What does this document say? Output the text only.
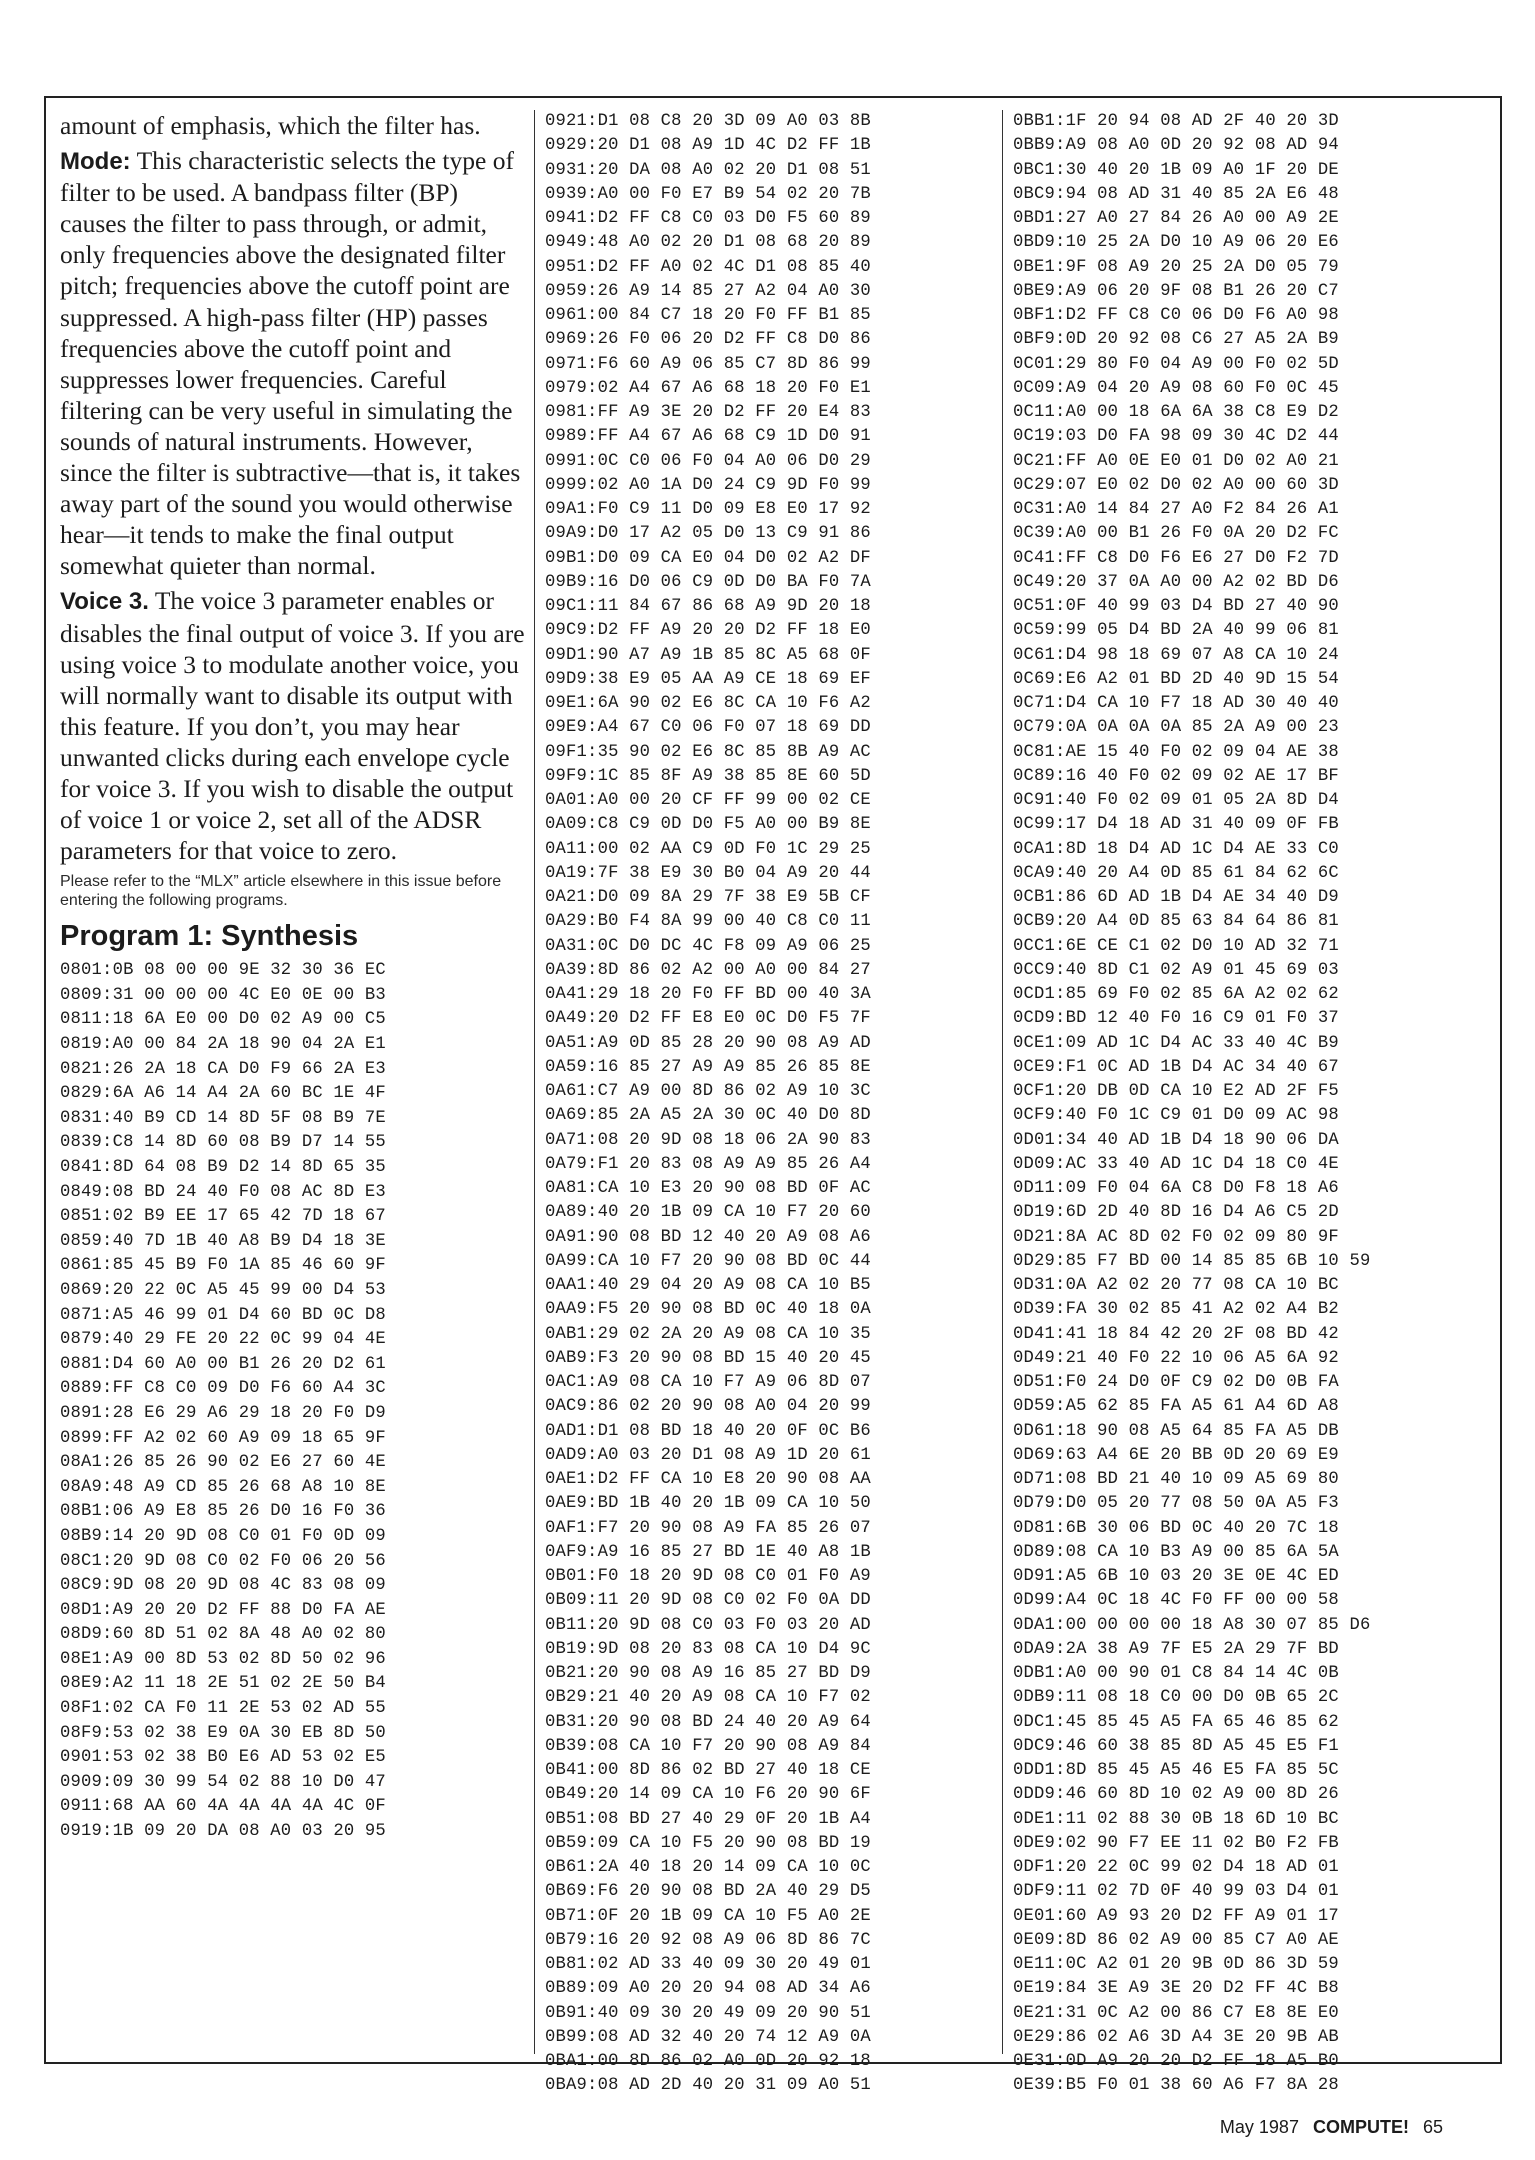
amount of emphasis, which the filter has.

Mode: This characteristic selects the type of filter to be used. A bandpass filter (BP) causes the filter to pass through, or admit, only frequencies above the designated filter pitch; frequencies above the cutoff point are suppressed. A high-pass filter (HP) passes frequencies above the cutoff point and suppresses lower frequencies. Careful filtering can be very useful in simulating the sounds of natural instruments. However, since the filter is subtractive—that is, it takes away part of the sound you would otherwise hear—it tends to make the final output somewhat quieter than normal.

Voice 3. The voice 3 parameter enables or disables the final output of voice 3. If you are using voice 3 to modulate another voice, you will normally want to disable its output with this feature. If you don’t, you may hear unwanted clicks during each envelope cycle for voice 3. If you wish to disable the output of voice 1 or voice 2, set all of the ADSR parameters for that voice to zero.

Please refer to the “MLX” article elsewhere in this issue before entering the following programs.

Program 1: Synthesis
0801:0B 08 00 00 9E 32 30 36 EC
0809:31 00 00 00 4C E0 0E 00 B3
0811:18 6A E0 00 D0 02 A9 00 C5
0819:A0 00 84 2A 18 90 04 2A E1
0821:26 2A 18 CA D0 F9 66 2A E3
0829:6A A6 14 A4 2A 60 BC 1E 4F
0831:40 B9 CD 14 8D 5F 08 B9 7E
0839:C8 14 8D 60 08 B9 D7 14 55
0841:8D 64 08 B9 D2 14 8D 65 35
0849:08 BD 24 40 F0 08 AC 8D E3
0851:02 B9 EE 17 65 42 7D 18 67
0859:40 7D 1B 40 A8 B9 D4 18 3E
0861:85 45 B9 F0 1A 85 46 60 9F
0869:20 22 0C A5 45 99 00 D4 53
0871:A5 46 99 01 D4 60 BD 0C D8
0879:40 29 FE 20 22 0C 99 04 4E
0881:D4 60 A0 00 B1 26 20 D2 61
0889:FF C8 C0 09 D0 F6 60 A4 3C
0891:28 E6 29 A6 29 18 20 F0 D9
0899:FF A2 02 60 A9 09 18 65 9F
08A1:26 85 26 90 02 E6 27 60 4E
08A9:48 A9 CD 85 26 68 A8 10 8E
08B1:06 A9 E8 85 26 D0 16 F0 36
08B9:14 20 9D 08 C0 01 F0 0D 09
08C1:20 9D 08 C0 02 F0 06 20 56
08C9:9D 08 20 9D 08 4C 83 08 09
08D1:A9 20 20 D2 FF 88 D0 FA AE
08D9:60 8D 51 02 8A 48 A0 02 80
08E1:A9 00 8D 53 02 8D 50 02 96
08E9:A2 11 18 2E 51 02 2E 50 B4
08F1:02 CA F0 11 2E 53 02 AD 55
08F9:53 02 38 E9 0A 30 EB 8D 50
0901:53 02 38 B0 E6 AD 53 02 E5
0909:09 30 99 54 02 88 10 D0 47
0911:68 AA 60 4A 4A 4A 4A 4C 0F
0919:1B 09 20 DA 08 A0 03 20 95
0921:D1 08 C8 20 3D 09 A0 03 8B
0929:20 D1 08 A9 1D 4C D2 FF 1B
0931:20 DA 08 A0 02 20 D1 08 51
0939:A0 00 F0 E7 B9 54 02 20 7B
0941:D2 FF C8 C0 03 D0 F5 60 89
0949:48 A0 02 20 D1 08 68 20 89
0951:D2 FF A0 02 4C D1 08 85 40
0959:26 A9 14 85 27 A2 04 A0 30
0961:00 84 C7 18 20 F0 FF B1 85
0969:26 F0 06 20 D2 FF C8 D0 86
0971:F6 60 A9 06 85 C7 8D 86 99
0979:02 A4 67 A6 68 18 20 F0 E1
0981:FF A9 3E 20 D2 FF 20 E4 83
0989:FF A4 67 A6 68 C9 1D D0 91
0991:0C C0 06 F0 04 A0 06 D0 29
0999:02 A0 1A D0 24 C9 9D F0 99
09A1:F0 C9 11 D0 09 E8 E0 17 92
09A9:D0 17 A2 05 D0 13 C9 91 86
09B1:D0 09 CA E0 04 D0 02 A2 DF
09B9:16 D0 06 C9 0D D0 BA F0 7A
09C1:11 84 67 86 68 A9 9D 20 18
09C9:D2 FF A9 20 20 D2 FF 18 E0
09D1:90 A7 A9 1B 85 8C A5 68 0F
09D9:38 E9 05 AA A9 CE 18 69 EF
09E1:6A 90 02 E6 8C CA 10 F6 A2
09E9:A4 67 C0 06 F0 07 18 69 DD
09F1:35 90 02 E6 8C 85 8B A9 AC
09F9:1C 85 8F A9 38 85 8E 60 5D
0A01:A0 00 20 CF FF 99 00 02 CE
0A09:C8 C9 0D D0 F5 A0 00 B9 8E
0A11:00 02 AA C9 0D F0 1C 29 25
0A19:7F 38 E9 30 B0 04 A9 20 44
0A21:D0 09 8A 29 7F 38 E9 5B CF
0A29:B0 F4 8A 99 00 40 C8 C0 11
0A31:0C D0 DC 4C F8 09 A9 06 25
0A39:8D 86 02 A2 00 A0 00 84 27
0A41:29 18 20 F0 FF BD 00 40 3A
0A49:20 D2 FF E8 E0 0C D0 F5 7F
0A51:A9 0D 85 28 20 90 08 A9 AD
0A59:16 85 27 A9 A9 85 26 85 8E
0A61:C7 A9 00 8D 86 02 A9 10 3C
0A69:85 2A A5 2A 30 0C 40 D0 8D
0A71:08 20 9D 08 18 06 2A 90 83
0A79:F1 20 83 08 A9 A9 85 26 A4
0A81:CA 10 E3 20 90 08 BD 0F AC
0A89:40 20 1B 09 CA 10 F7 20 60
0A91:90 08 BD 12 40 20 A9 08 A6
0A99:CA 10 F7 20 90 08 BD 0C 44
0AA1:40 29 04 20 A9 08 CA 10 B5
0AA9:F5 20 90 08 BD 0C 40 18 0A
0AB1:29 02 2A 20 A9 08 CA 10 35
0AB9:F3 20 90 08 BD 15 40 20 45
0AC1:A9 08 CA 10 F7 A9 06 8D 07
0AC9:86 02 20 90 08 A0 04 20 99
0AD1:D1 08 BD 18 40 20 0F 0C B6
0AD9:A0 03 20 D1 08 A9 1D 20 61
0AE1:D2 FF CA 10 E8 20 90 08 AA
0AE9:BD 1B 40 20 1B 09 CA 10 50
0AF1:F7 20 90 08 A9 FA 85 26 07
0AF9:A9 16 85 27 BD 1E 40 A8 1B
0B01:F0 18 20 9D 08 C0 01 F0 A9
0B09:11 20 9D 08 C0 02 F0 0A DD
0B11:20 9D 08 C0 03 F0 03 20 AD
0B19:9D 08 20 83 08 CA 10 D4 9C
0B21:20 90 08 A9 16 85 27 BD D9
0B29:21 40 20 A9 08 CA 10 F7 02
0B31:20 90 08 BD 24 40 20 A9 64
0B39:08 CA 10 F7 20 90 08 A9 84
0B41:00 8D 86 02 BD 27 40 18 CE
0B49:20 14 09 CA 10 F6 20 90 6F
0B51:08 BD 27 40 29 0F 20 1B A4
0B59:09 CA 10 F5 20 90 08 BD 19
0B61:2A 40 18 20 14 09 CA 10 0C
0B69:F6 20 90 08 BD 2A 40 29 D5
0B71:0F 20 1B 09 CA 10 F5 A0 2E
0B79:16 20 92 08 A9 06 8D 86 7C
0B81:02 AD 33 40 09 30 20 49 01
0B89:09 A0 20 20 94 08 AD 34 A6
0B91:40 09 30 20 49 09 20 90 51
0B99:08 AD 32 40 20 74 12 A9 0A
0BA1:00 8D 86 02 A0 0D 20 92 18
0BA9:08 AD 2D 40 20 31 09 A0 51
0BB1:1F 20 94 08 AD 2F 40 20 3D
0BB9:A9 08 A0 0D 20 92 08 AD 94
0BC1:30 40 20 1B 09 A0 1F 20 DE
0BC9:94 08 AD 31 40 85 2A E6 48
0BD1:27 A0 27 84 26 A0 00 A9 2E
0BD9:10 25 2A D0 10 A9 06 20 E6
0BE1:9F 08 A9 20 25 2A D0 05 79
0BE9:A9 06 20 9F 08 B1 26 20 C7
0BF1:D2 FF C8 C0 06 D0 F6 A0 98
0BF9:0D 20 92 08 C6 27 A5 2A B9
0C01:29 80 F0 04 A9 00 F0 02 5D
0C09:A9 04 20 A9 08 60 F0 0C 45
0C11:A0 00 18 6A 6A 38 C8 E9 D2
0C19:03 D0 FA 98 09 30 4C D2 44
0C21:FF A0 0E E0 01 D0 02 A0 21
0C29:07 E0 02 D0 02 A0 00 60 3D
0C31:A0 14 84 27 A0 F2 84 26 A1
0C39:A0 00 B1 26 F0 0A 20 D2 FC
0C41:FF C8 D0 F6 E6 27 D0 F2 7D
0C49:20 37 0A A0 00 A2 02 BD D6
0C51:0F 40 99 03 D4 BD 27 40 90
0C59:99 05 D4 BD 2A 40 99 06 81
0C61:D4 98 18 69 07 A8 CA 10 24
0C69:E6 A2 01 BD 2D 40 9D 15 54
0C71:D4 CA 10 F7 18 AD 30 40 40
0C79:0A 0A 0A 0A 85 2A A9 00 23
0C81:AE 15 40 F0 02 09 04 AE 38
0C89:16 40 F0 02 09 02 AE 17 BF
0C91:40 F0 02 09 01 05 2A 8D D4
0C99:17 D4 18 AD 31 40 09 0F FB
0CA1:8D 18 D4 AD 1C D4 AE 33 C0
0CA9:40 20 A4 0D 85 61 84 62 6C
0CB1:86 6D AD 1B D4 AE 34 40 D9
0CB9:20 A4 0D 85 63 84 64 86 81
0CC1:6E CE C1 02 D0 10 AD 32 71
0CC9:40 8D C1 02 A9 01 45 69 03
0CD1:85 69 F0 02 85 6A A2 02 62
0CD9:BD 12 40 F0 16 C9 01 F0 37
0CE1:09 AD 1C D4 AC 33 40 4C B9
0CE9:F1 0C AD 1B D4 AC 34 40 67
0CF1:20 DB 0D CA 10 E2 AD 2F F5
0CF9:40 F0 1C C9 01 D0 09 AC 98
0D01:34 40 AD 1B D4 18 90 06 DA
0D09:AC 33 40 AD 1C D4 18 C0 4E
0D11:09 F0 04 6A C8 D0 F8 18 A6
0D19:6D 2D 40 8D 16 D4 A6 C5 2D
0D21:8A AC 8D 02 F0 02 09 80 9F
0D29:85 F7 BD 00 14 85 85 6B 10 59
0D31:0A A2 02 20 77 08 CA 10 BC
0D39:FA 30 02 85 41 A2 02 A4 B2
0D41:41 18 84 42 20 2F 08 BD 42
0D49:21 40 F0 22 10 06 A5 6A 92
0D51:F0 24 D0 0F C9 02 D0 0B FA
0D59:A5 62 85 FA A5 61 A4 6D A8
0D61:18 90 08 A5 64 85 FA A5 DB
0D69:63 A4 6E 20 BB 0D 20 69 E9
0D71:08 BD 21 40 10 09 A5 69 80
0D79:D0 05 20 77 08 50 0A A5 F3
0D81:6B 30 06 BD 0C 40 20 7C 18
0D89:08 CA 10 B3 A9 00 85 6A 5A
0D91:A5 6B 10 03 20 3E 0E 4C ED
0D99:A4 0C 18 4C F0 FF 00 00 58
0DA1:00 00 00 00 18 A8 30 07 85 D6
0DA9:2A 38 A9 7F E5 2A 29 7F BD
0DB1:A0 00 90 01 C8 84 14 4C 0B
0DB9:11 08 18 C0 00 D0 0B 65 2C
0DC1:45 85 45 A5 FA 65 46 85 62
0DC9:46 60 38 85 8D A5 45 E5 F1
0DD1:8D 85 45 A5 46 E5 FA 85 5C
0DD9:46 60 8D 10 02 A9 00 8D 26
0DE1:11 02 88 30 0B 18 6D 10 BC
0DE9:02 90 F7 EE 11 02 B0 F2 FB
0DF1:20 22 0C 99 02 D4 18 AD 01
0DF9:11 02 7D 0F 40 99 03 D4 01
0E01:60 A9 93 20 D2 FF A9 01 17
0E09:8D 86 02 A9 00 85 C7 A0 AE
0E11:0C A2 01 20 9B 0D 86 3D 59
0E19:84 3E A9 3E 20 D2 FF 4C B8
0E21:31 0C A2 00 86 C7 E8 8E E0
0E29:86 02 A6 3D A4 3E 20 9B AB
0E31:0D A9 20 20 D2 FF 18 A5 B0
0E39:B5 F0 01 38 60 A6 F7 8A 28
May 1987 COMPUTE! 65
